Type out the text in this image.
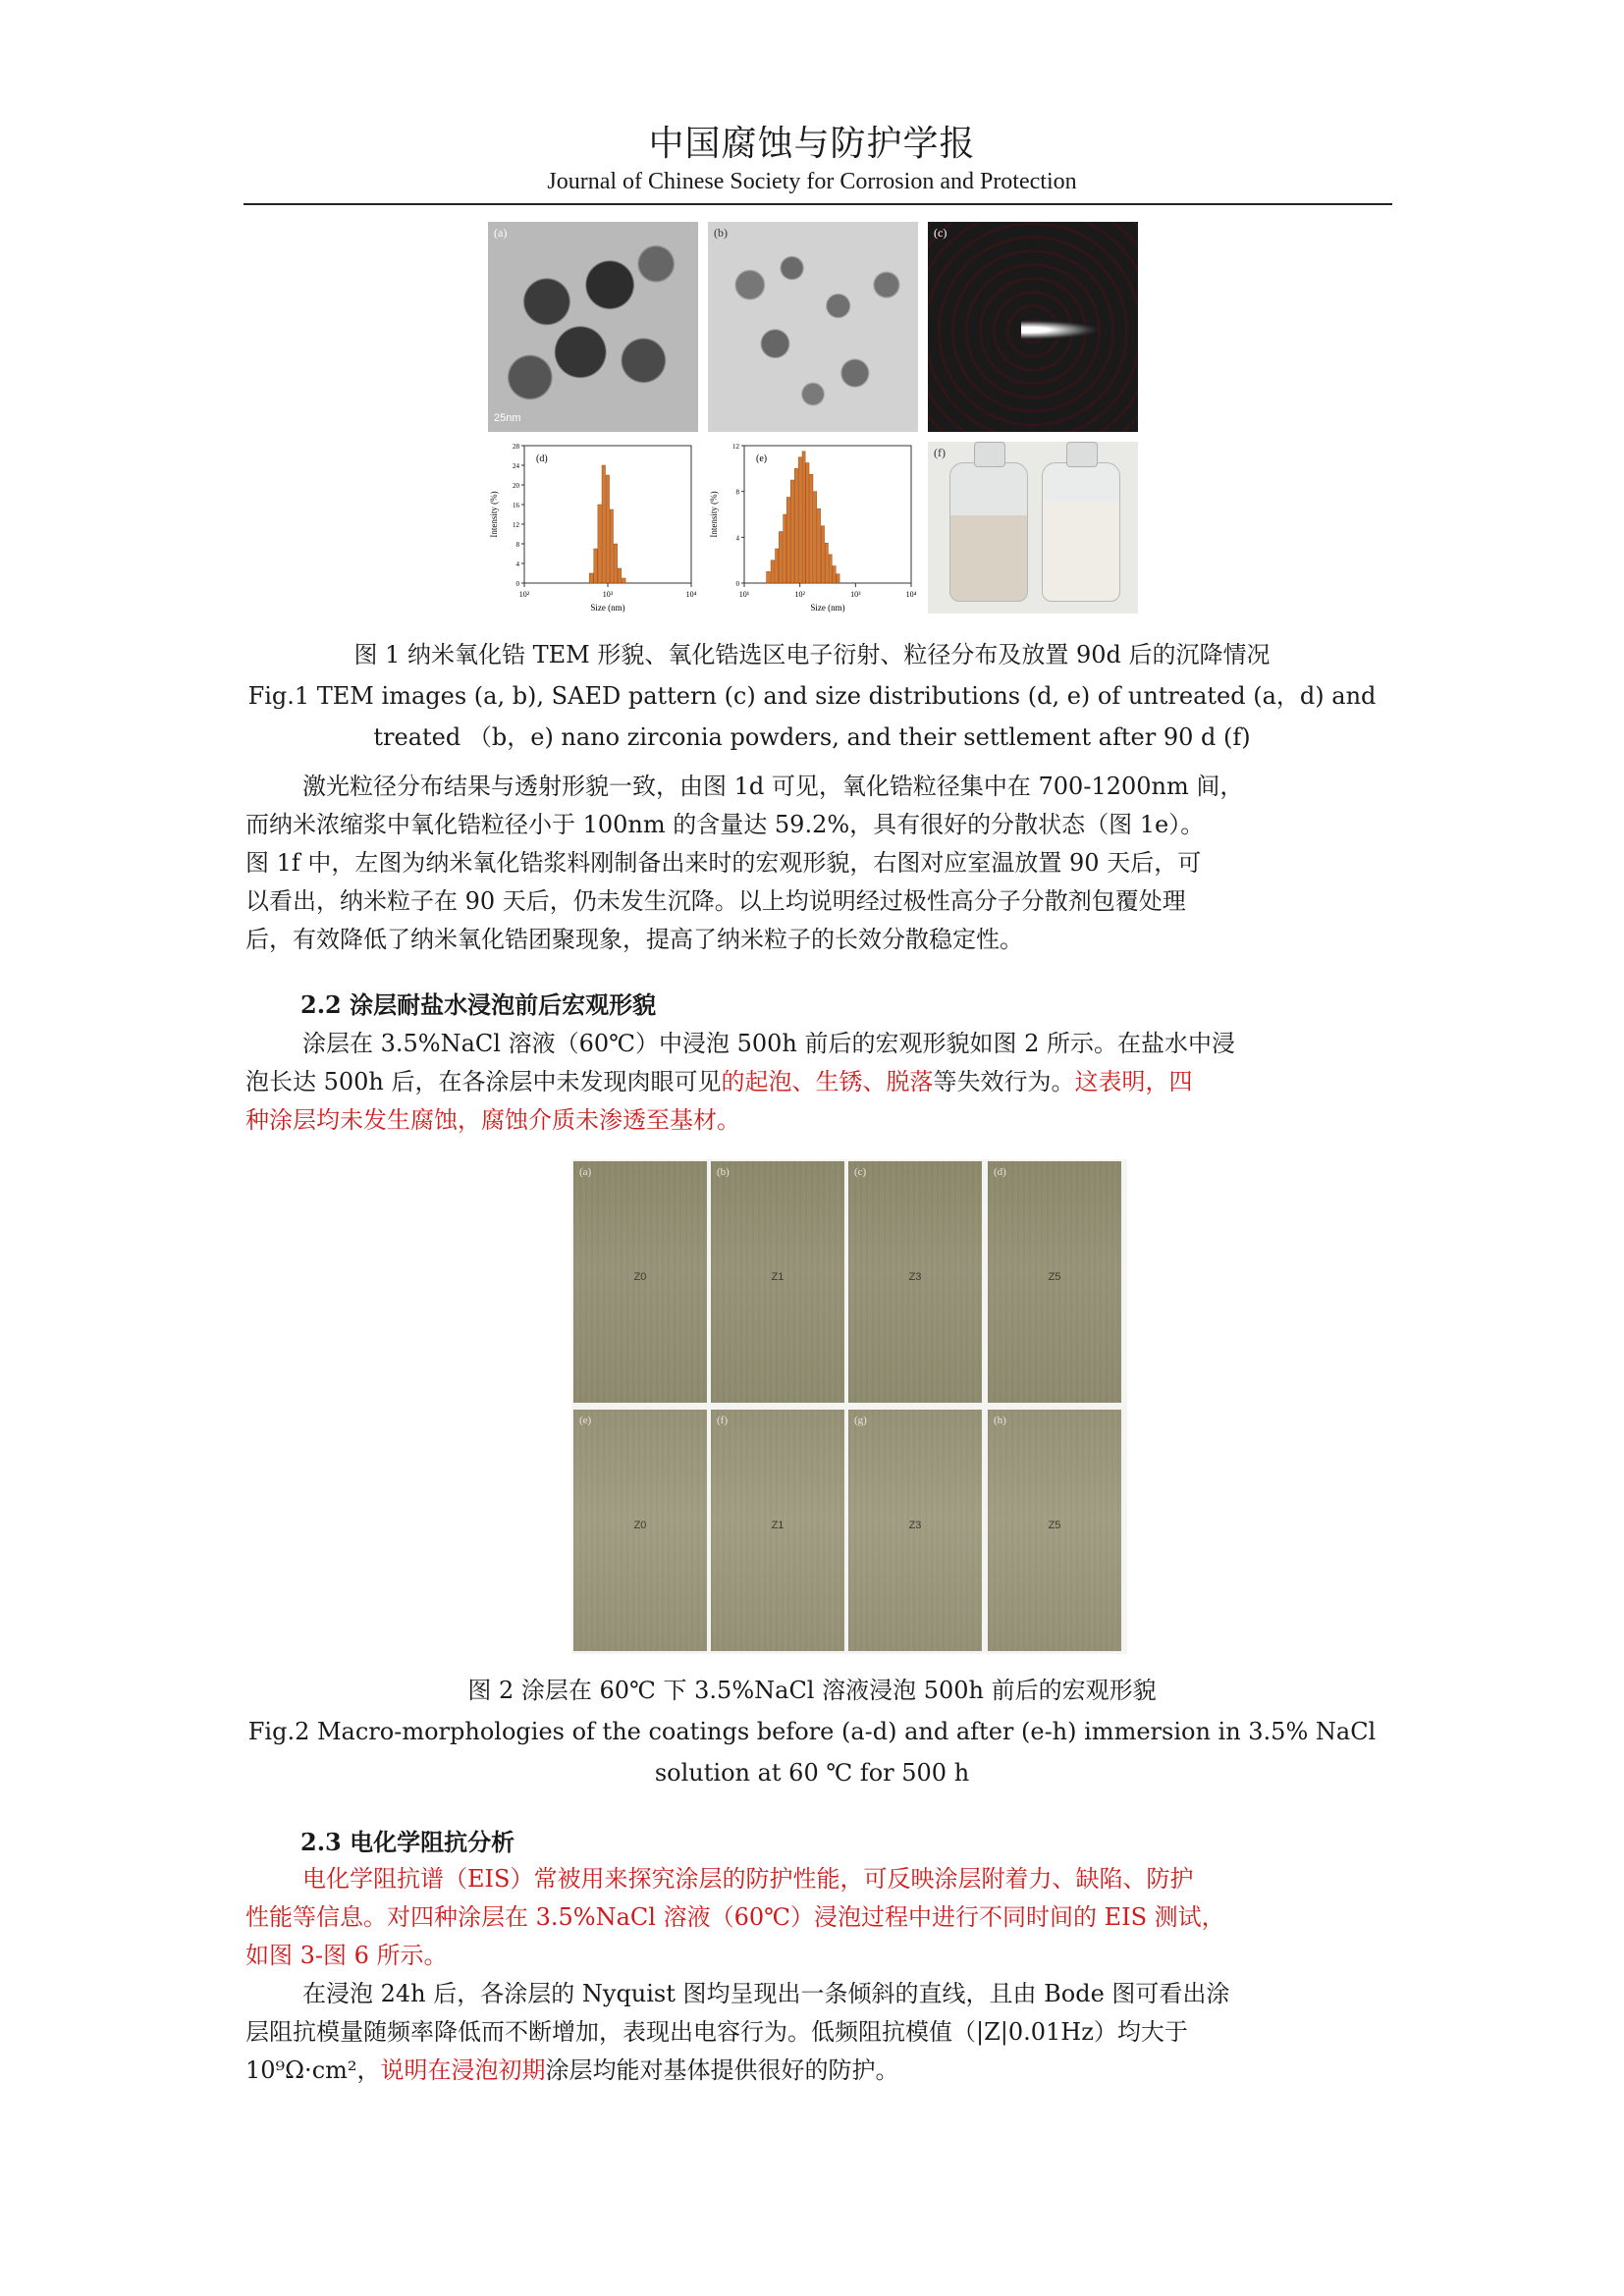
中国腐蚀与防护学报
Journal of Chinese Society for Corrosion and Protection
(a)
25nm
(b)	(c)
(d)
10²	10³	10⁴
0
4
8
12
16
20
24
28
Size (nm)
Intensity (%)
(e)
10¹	10²	10³	10⁴
0
4
8
12
Size (nm)
Intensity (%)
(f)
图 1 纳米氧化锆 TEM 形貌、氧化锆选区电子衍射、粒径分布及放置 90d 后的沉降情况
Fig.1 TEM images (a, b), SAED pattern (c) and size distributions (d, e) of untreated (a，d) and
treated （b，e) nano zirconia powders, and their settlement after 90 d (f)
激光粒径分布结果与透射形貌一致，由图 1d 可见，氧化锆粒径集中在 700-1200nm 间，
而纳米浓缩浆中氧化锆粒径小于 100nm 的含量达 59.2%，具有很好的分散状态（图 1e）。
图 1f 中，左图为纳米氧化锆浆料刚制备出来时的宏观形貌，右图对应室温放置 90 天后，可
以看出，纳米粒子在 90 天后，仍未发生沉降。以上均说明经过极性高分子分散剂包覆处理
后，有效降低了纳米氧化锆团聚现象，提高了纳米粒子的长效分散稳定性。
2.2 涂层耐盐水浸泡前后宏观形貌
涂层在 3.5%NaCl 溶液（60℃）中浸泡 500h 前后的宏观形貌如图 2 所示。在盐水中浸
泡长达 500h 后，在各涂层中未发现肉眼可见的起泡、生锈、脱落等失效行为。这表明，四
种涂层均未发生腐蚀，腐蚀介质未渗透至基材。
(a)
Z0
(b)
Z1
(c)
Z3
(d)
Z5
(e)
Z0
(f)
Z1
(g)
Z3
(h)
Z5
图 2 涂层在 60℃ 下 3.5%NaCl 溶液浸泡 500h 前后的宏观形貌
Fig.2 Macro-morphologies of the coatings before (a-d) and after (e-h) immersion in 3.5% NaCl
solution at 60 ℃ for 500 h
2.3 电化学阻抗分析
电化学阻抗谱（EIS）常被用来探究涂层的防护性能，可反映涂层附着力、缺陷、防护
性能等信息。对四种涂层在 3.5%NaCl 溶液（60℃）浸泡过程中进行不同时间的 EIS 测试，
如图 3-图 6 所示。
在浸泡 24h 后，各涂层的 Nyquist 图均呈现出一条倾斜的直线，且由 Bode 图可看出涂
层阻抗模量随频率降低而不断增加，表现出电容行为。低频阻抗模值（|Z|0.01Hz）均大于
10⁹Ω·cm²，说明在浸泡初期涂层均能对基体提供很好的防护。
